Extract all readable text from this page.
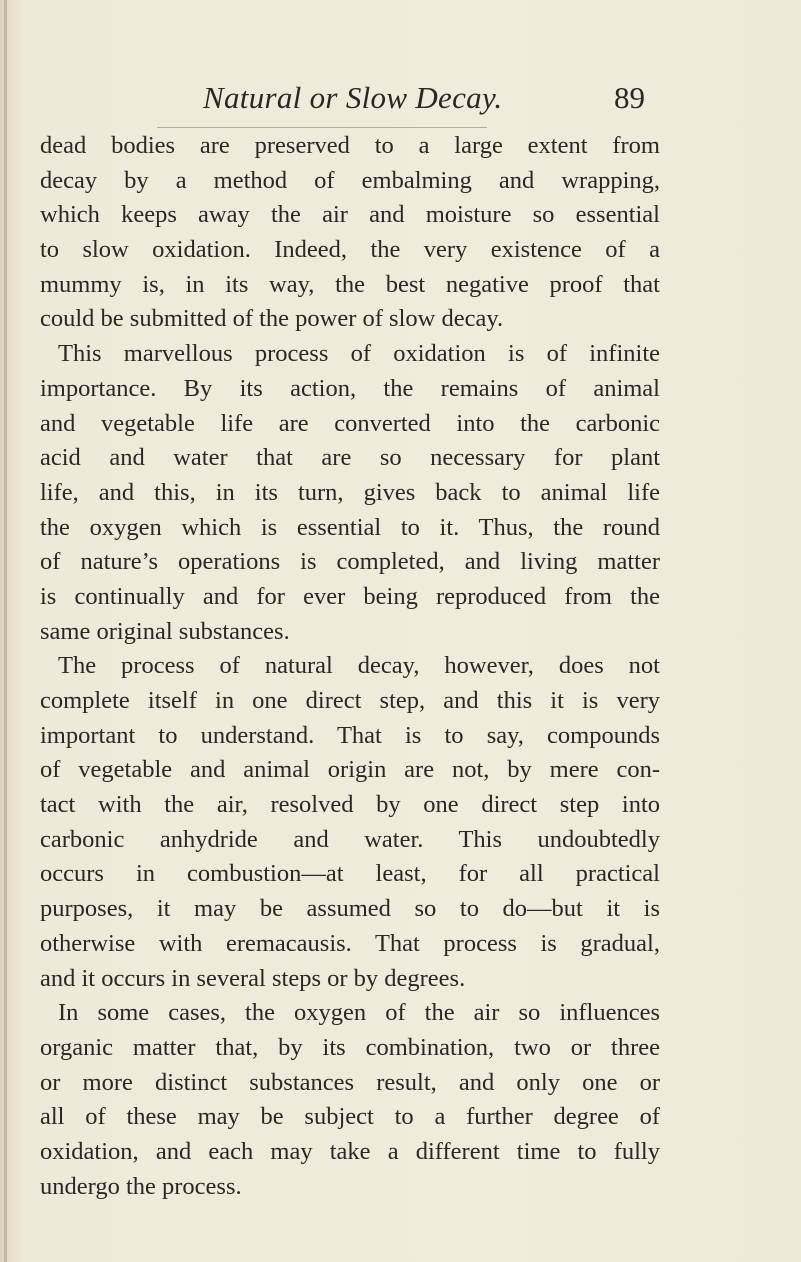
Natural or Slow Decay.	89
dead bodies are preserved to a large extent from
decay by a method of embalming and wrapping,
which keeps away the air and moisture so essential
to slow oxidation. Indeed, the very existence of a
mummy is, in its way, the best negative proof that
could be submitted of the power of slow decay.
This marvellous process of oxidation is of infinite
importance. By its action, the remains of animal
and vegetable life are converted into the carbonic
acid and water that are so necessary for plant
life, and this, in its turn, gives back to animal life
the oxygen which is essential to it. Thus, the round
of nature’s operations is completed, and living matter
is continually and for ever being reproduced from the
same original substances.
The process of natural decay, however, does not
complete itself in one direct step, and this it is very
important to understand. That is to say, compounds
of vegetable and animal origin are not, by mere con-
tact with the air, resolved by one direct step into
carbonic anhydride and water. This undoubtedly
occurs in combustion—at least, for all practical
purposes, it may be assumed so to do—but it is
otherwise with eremacausis. That process is gradual,
and it occurs in several steps or by degrees.
In some cases, the oxygen of the air so influences
organic matter that, by its combination, two or three
or more distinct substances result, and only one or
all of these may be subject to a further degree of
oxidation, and each may take a different time to fully
undergo the process.
